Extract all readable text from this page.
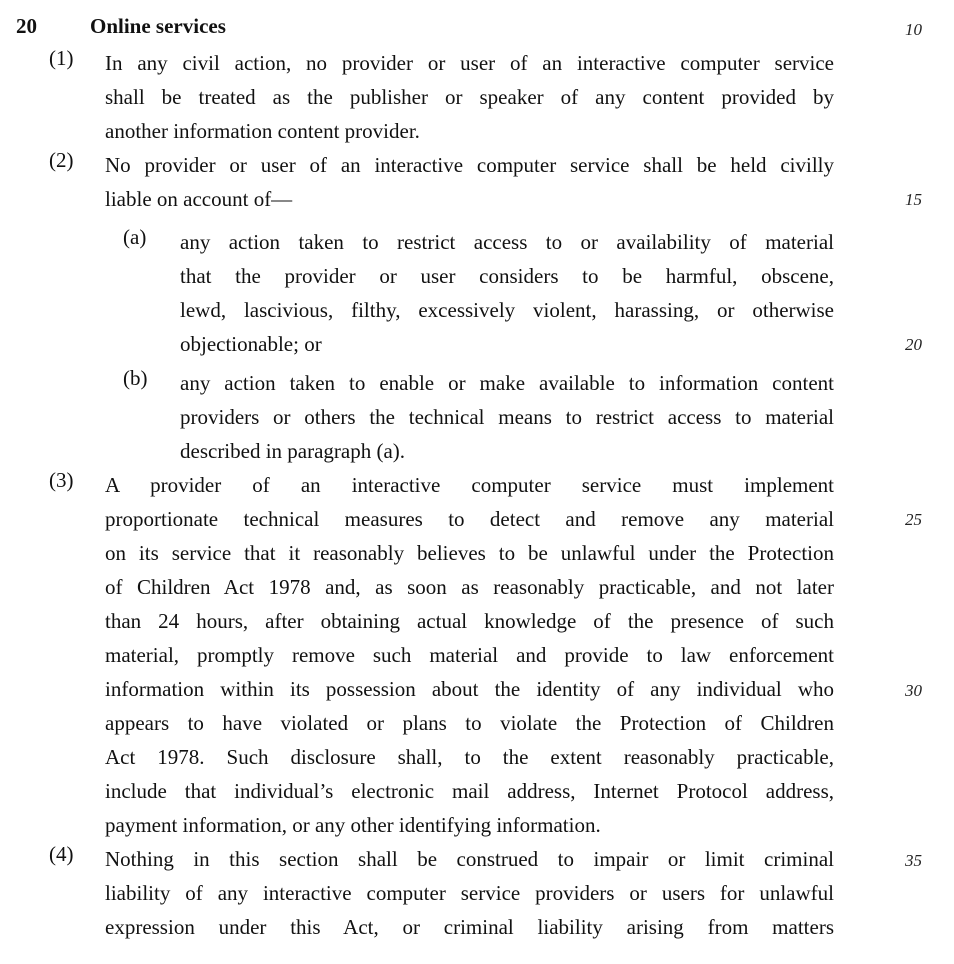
20	Online services	10
15
20
25
30
35
(1) In any civil action, no provider or user of an interactive computer service
shall be treated as the publisher or speaker of any content provided by
another information content provider.
(2) No provider or user of an interactive computer service shall be held civilly
liable on account of—
(a) any action taken to restrict access to or availability of material
that the provider or user considers to be harmful, obscene,
lewd, lascivious, filthy, excessively violent, harassing, or otherwise
objectionable; or
(b) any action taken to enable or make available to information content
providers or others the technical means to restrict access to material
described in paragraph (a).
(3) A provider of an interactive computer service must implement
proportionate technical measures to detect and remove any material
on its service that it reasonably believes to be unlawful under the Protection
of Children Act 1978 and, as soon as reasonably practicable, and not later
than 24 hours, after obtaining actual knowledge of the presence of such
material, promptly remove such material and provide to law enforcement
information within its possession about the identity of any individual who
appears to have violated or plans to violate the Protection of Children
Act 1978. Such disclosure shall, to the extent reasonably practicable,
include that individual’s electronic mail address, Internet Protocol address,
payment information, or any other identifying information.
(4) Nothing in this section shall be construed to impair or limit criminal
liability of any interactive computer service providers or users for unlawful
expression under this Act, or criminal liability arising from matters
